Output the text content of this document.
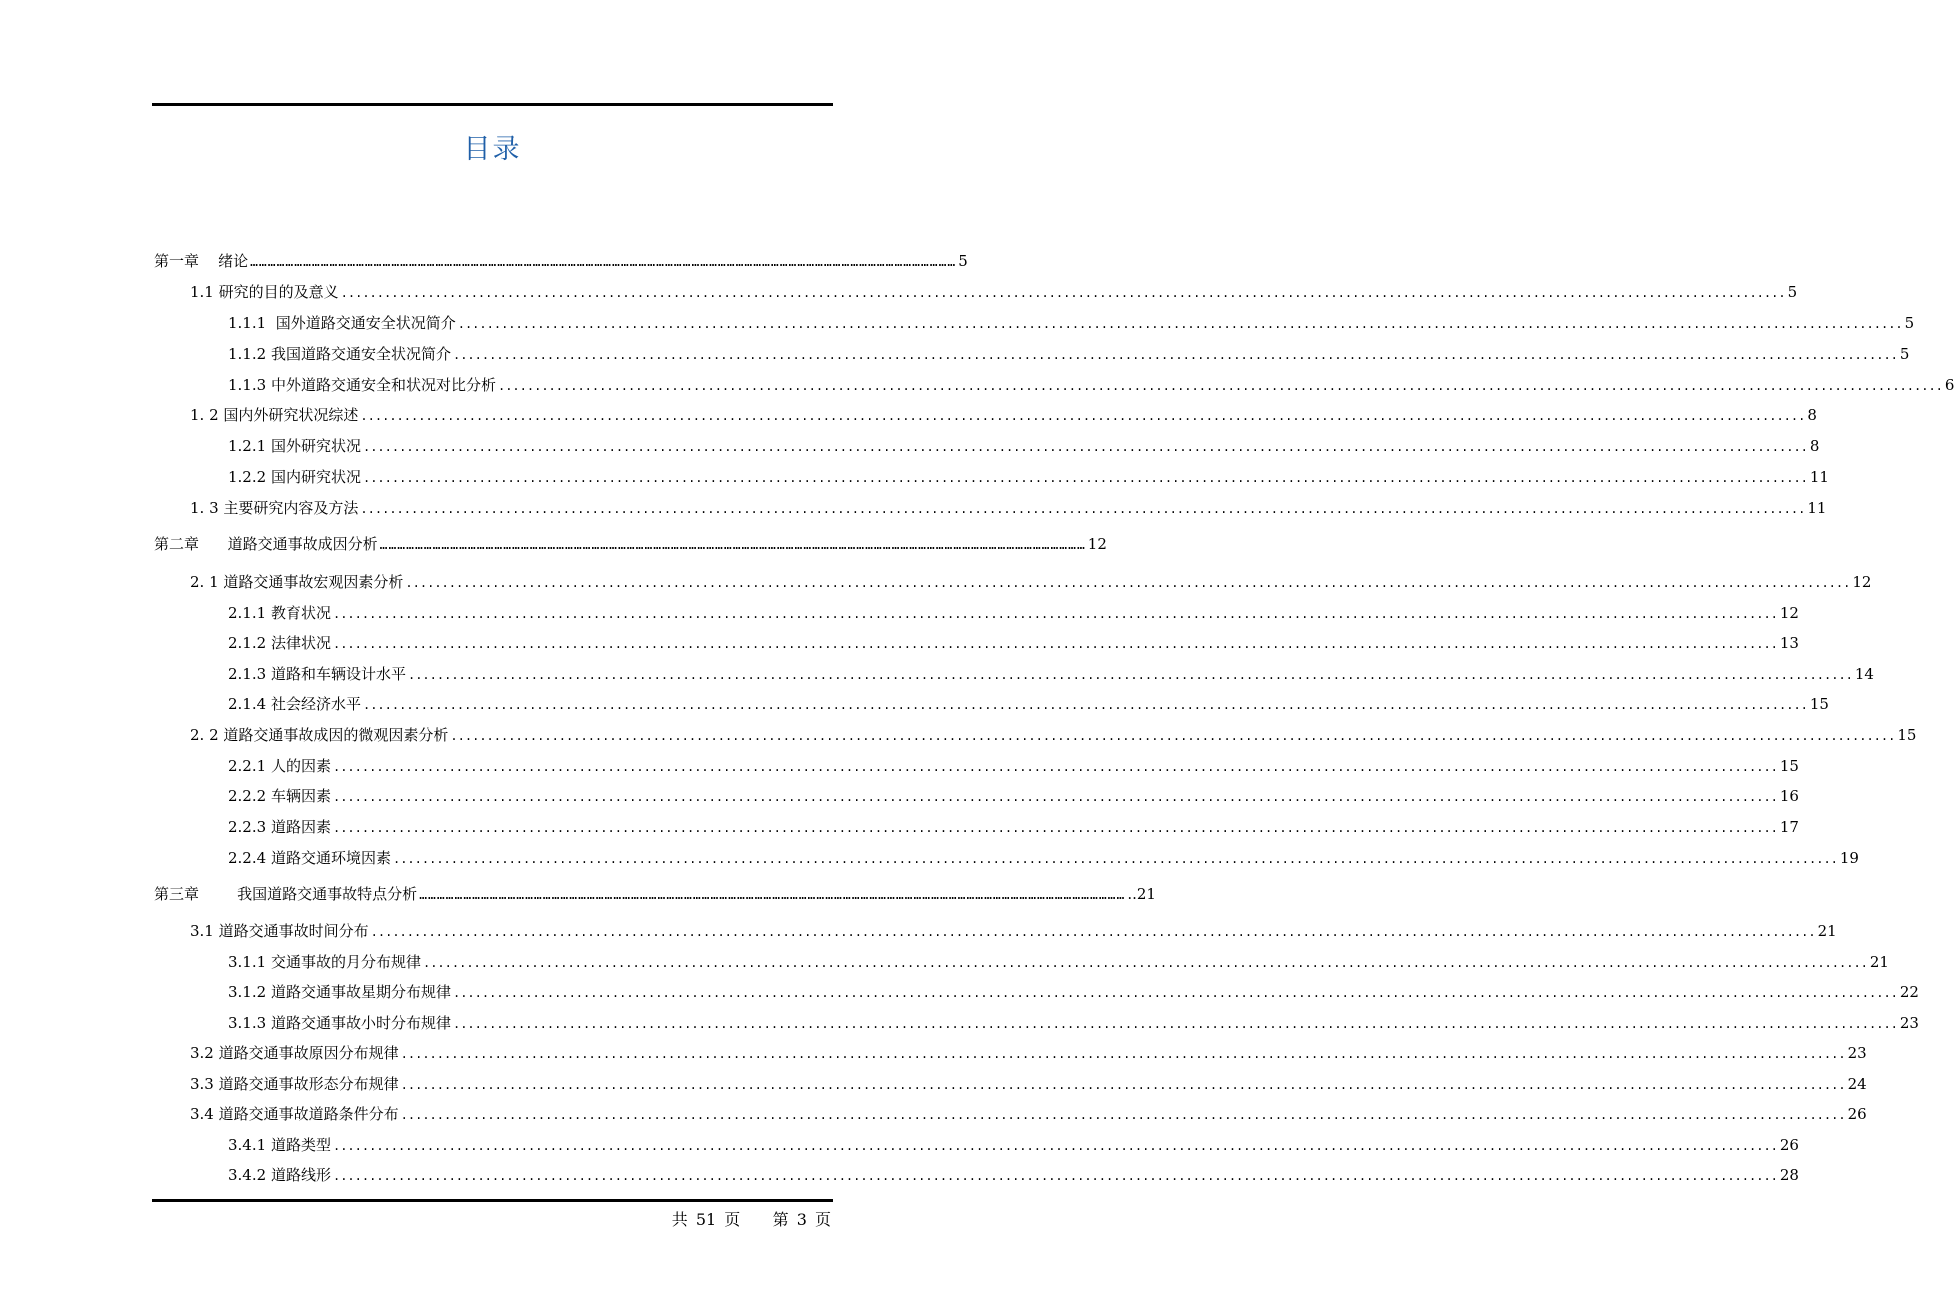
目录
第一章
绪论 …………………………………………………………………………………………………………………………………………………………………………………………………………………… 5
1.1
研究的目的及意义 ........................................................................................................................................................................................................ 5
1.1.1
国外道路交通安全状况简介 ........................................................................................................................................................................................................ 5
1.1.2
我国道路交通安全状况简介 ........................................................................................................................................................................................................ 5
1.1.3
中外道路交通安全和状况对比分析 ........................................................................................................................................................................................................ 6
1. 2
国内外研究状况综述 ........................................................................................................................................................................................................ 8
1.2.1
国外研究状况 ........................................................................................................................................................................................................ 8
1.2.2
国内研究状况 ........................................................................................................................................................................................................ 11
1. 3
主要研究内容及方法 ........................................................................................................................................................................................................ 11
第二章
道路交通事故成因分析 …………………………………………………………………………………………………………………………………………………………………………………………………………………… 12
2. 1
道路交通事故宏观因素分析 ........................................................................................................................................................................................................ 12
2.1.1
教育状况 ........................................................................................................................................................................................................ 12
2.1.2
法律状况 ........................................................................................................................................................................................................ 13
2.1.3
道路和车辆设计水平 ........................................................................................................................................................................................................ 14
2.1.4
社会经济水平 ........................................................................................................................................................................................................ 15
2. 2
道路交通事故成因的微观因素分析 ........................................................................................................................................................................................................ 15
2.2.1
人的因素 ........................................................................................................................................................................................................ 15
2.2.2
车辆因素 ........................................................................................................................................................................................................ 16
2.2.3
道路因素 ........................................................................................................................................................................................................ 17
2.2.4
道路交通环境因素 ........................................................................................................................................................................................................ 19
第三章
	我国道路交通事故特点分析 …………………………………………………………………………………………………………………………………………………………………………………………………………………… ..21
3.1
道路交通事故时间分布 ........................................................................................................................................................................................................ 21
3.1.1
交通事故的月分布规律 ........................................................................................................................................................................................................ 21
3.1.2
道路交通事故星期分布规律 ........................................................................................................................................................................................................ 22
3.1.3
道路交通事故小时分布规律 ........................................................................................................................................................................................................ 23
3.2
道路交通事故原因分布规律 ........................................................................................................................................................................................................ 23
3.3
道路交通事故形态分布规律 ........................................................................................................................................................................................................ 24
3.4
道路交通事故道路条件分布 ........................................................................................................................................................................................................ 26
3.4.1
道路类型 ........................................................................................................................................................................................................ 26
3.4.2
道路线形 ........................................................................................................................................................................................................ 28
共 51 页 第 3 页
